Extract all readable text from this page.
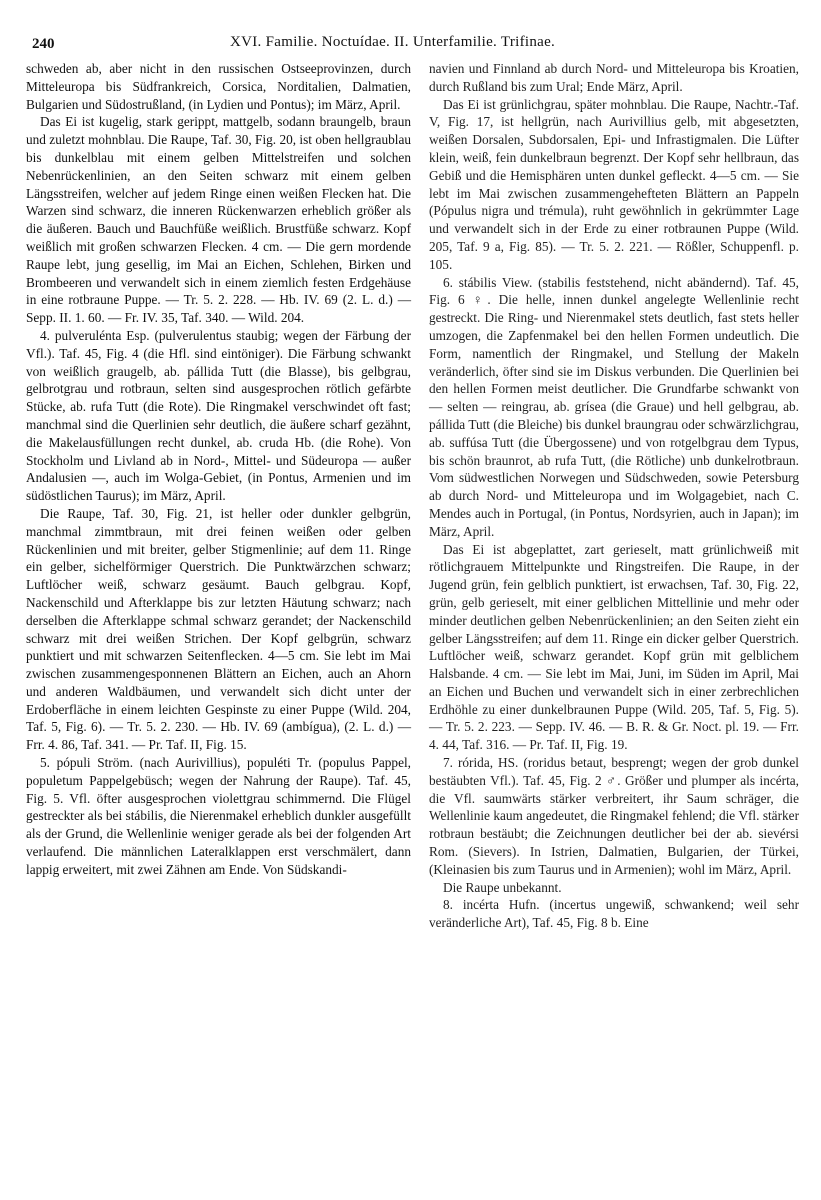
240	XVI. Familie. Noctuídae. II. Unterfamilie. Trifinae.

schweden ab, aber nicht in den russischen Ostseeprovinzen, durch Mitteleuropa bis Südfrankreich, Corsica, Norditalien, Dalmatien, Bulgarien und Südostrußland, (in Lydien und Pontus); im März, April.

Das Ei ist kugelig, stark gerippt, mattgelb, sodann braungelb, braun und zuletzt mohnblau. Die Raupe, Taf. 30, Fig. 20, ist oben hellgraublau bis dunkelblau mit einem gelben Mittelstreifen und solchen Nebenrückenlinien, an den Seiten schwarz mit einem gelben Längsstreifen, welcher auf jedem Ringe einen weißen Flecken hat. Die Warzen sind schwarz, die inneren Rückenwarzen erheblich größer als die äußeren. Bauch und Bauchfüße weißlich. Brustfüße schwarz. Kopf weißlich mit großen schwarzen Flecken. 4 cm. — Die gern mordende Raupe lebt, jung gesellig, im Mai an Eichen, Schlehen, Birken und Brombeeren und verwandelt sich in einem ziemlich festen Erdgehäuse in eine rotbraune Puppe. — Tr. 5. 2. 228. — Hb. IV. 69 (2. L. d.) — Sepp. II. 1. 60. — Fr. IV. 35, Taf. 340. — Wild. 204.

4. pulverulénta Esp. (pulverulentus staubig; wegen der Färbung der Vfl.). Taf. 45, Fig. 4 (die Hfl. sind eintöniger). Die Färbung schwankt von weißlich graugelb, ab. pállida Tutt (die Blasse), bis gelbgrau, gelbrotgrau und rotbraun, selten sind ausgesprochen rötlich gefärbte Stücke, ab. rufa Tutt (die Rote). Die Ringmakel verschwindet oft fast; manchmal sind die Querlinien sehr deutlich, die äußere scharf gezähnt, die Makelausfüllungen recht dunkel, ab. cruda Hb. (die Rohe). Von Stockholm und Livland ab in Nord-, Mittel- und Südeuropa — außer Andalusien —, auch im Wolga-Gebiet, (in Pontus, Armenien und im südöstlichen Taurus); im März, April.

Die Raupe, Taf. 30, Fig. 21, ist heller oder dunkler gelbgrün, manchmal zimmtbraun, mit drei feinen weißen oder gelben Rückenlinien und mit breiter, gelber Stigmenlinie; auf dem 11. Ringe ein gelber, sichelförmiger Querstrich. Die Punktwärzchen schwarz; Luftlöcher weiß, schwarz gesäumt. Bauch gelbgrau. Kopf, Nackenschild und Afterklappe bis zur letzten Häutung schwarz; nach derselben die Afterklappe schmal schwarz gerandet; der Nackenschild schwarz mit drei weißen Strichen. Der Kopf gelbgrün, schwarz punktiert und mit schwarzen Seitenflecken. 4—5 cm. Sie lebt im Mai zwischen zusammengesponnenen Blättern an Eichen, auch an Ahorn und anderen Waldbäumen, und verwandelt sich dicht unter der Erdoberfläche in einem leichten Gespinste zu einer Puppe (Wild. 204, Taf. 5, Fig. 6). — Tr. 5. 2. 230. — Hb. IV. 69 (ambígua), (2. L. d.) — Frr. 4. 86, Taf. 341. — Pr. Taf. II, Fig. 15.

5. pópuli Ström. (nach Aurivillius), populéti Tr. (populus Pappel, populetum Pappelgebüsch; wegen der Nahrung der Raupe). Taf. 45, Fig. 5. Vfl. öfter ausgesprochen violettgrau schimmernd. Die Flügel gestreckter als bei stábilis, die Nierenmakel erheblich dunkler ausgefüllt als der Grund, die Wellenlinie weniger gerade als bei der folgenden Art verlaufend. Die männlichen Lateralklappen erst verschmälert, dann lappig erweitert, mit zwei Zähnen am Ende. Von Südskandi-

navien und Finnland ab durch Nord- und Mitteleuropa bis Kroatien, durch Rußland bis zum Ural; Ende März, April.

Das Ei ist grünlichgrau, später mohnblau. Die Raupe, Nachtr.-Taf. V, Fig. 17, ist hellgrün, nach Aurivillius gelb, mit abgesetzten, weißen Dorsalen, Subdorsalen, Epi- und Infrastigmalen. Die Lüfter klein, weiß, fein dunkelbraun begrenzt. Der Kopf sehr hellbraun, das Gebiß und die Hemisphären unten dunkel gefleckt. 4—5 cm. — Sie lebt im Mai zwischen zusammengehefteten Blättern an Pappeln (Pópulus nigra und trémula), ruht gewöhnlich in gekrümmter Lage und verwandelt sich in der Erde zu einer rotbraunen Puppe (Wild. 205, Taf. 9 a, Fig. 85). — Tr. 5. 2. 221. — Rößler, Schuppenfl. p. 105.

6. stábilis View. (stabilis feststehend, nicht abändernd). Taf. 45, Fig. 6 ♀. Die helle, innen dunkel angelegte Wellenlinie recht gestreckt. Die Ring- und Nierenmakel stets deutlich, fast stets heller umzogen, die Zapfenmakel bei den hellen Formen undeutlich. Die Form, namentlich der Ringmakel, und Stellung der Makeln veränderlich, öfter sind sie im Diskus verbunden. Die Querlinien bei den hellen Formen meist deutlicher. Die Grundfarbe schwankt von — selten — reingrau, ab. grísea (die Graue) und hell gelbgrau, ab. pállida Tutt (die Bleiche) bis dunkel braungrau oder schwärzlichgrau, ab. suffúsa Tutt (die Übergossene) und von rotgelbgrau dem Typus, bis schön braunrot, ab rufa Tutt, (die Rötliche) unb dunkelrotbraun. Vom südwestlichen Norwegen und Südschweden, sowie Petersburg ab durch Nord- und Mitteleuropa und im Wolgagebiet, nach C. Mendes auch in Portugal, (in Pontus, Nordsyrien, auch in Japan); im März, April.

Das Ei ist abgeplattet, zart gerieselt, matt grünlichweiß mit rötlichgrauem Mittelpunkte und Ringstreifen. Die Raupe, in der Jugend grün, fein gelblich punktiert, ist erwachsen, Taf. 30, Fig. 22, grün, gelb gerieselt, mit einer gelblichen Mittellinie und mehr oder minder deutlichen gelben Nebenrückenlinien; an den Seiten zieht ein gelber Längsstreifen; auf dem 11. Ringe ein dicker gelber Querstrich. Luftlöcher weiß, schwarz gerandet. Kopf grün mit gelblichem Halsbande. 4 cm. — Sie lebt im Mai, Juni, im Süden im April, Mai an Eichen und Buchen und verwandelt sich in einer zerbrechlichen Erdhöhle zu einer dunkelbraunen Puppe (Wild. 205, Taf. 5, Fig. 5). — Tr. 5. 2. 223. — Sepp. IV. 46. — B. R. & Gr. Noct. pl. 19. — Frr. 4. 44, Taf. 316. — Pr. Taf. II, Fig. 19.

7. rórida, HS. (roridus betaut, besprengt; wegen der grob dunkel bestäubten Vfl.). Taf. 45, Fig. 2 ♂. Größer und plumper als incérta, die Vfl. saumwärts stärker verbreitert, ihr Saum schräger, die Wellenlinie kaum angedeutet, die Ringmakel fehlend; die Vfl. stärker rotbraun bestäubt; die Zeichnungen deutlicher bei der ab. sievérsi Rom. (Sievers). In Istrien, Dalmatien, Bulgarien, der Türkei, (Kleinasien bis zum Taurus und in Armenien); wohl im März, April.

Die Raupe unbekannt.

8. incérta Hufn. (incertus ungewiß, schwankend; weil sehr veränderliche Art), Taf. 45, Fig. 8 b. Eine
